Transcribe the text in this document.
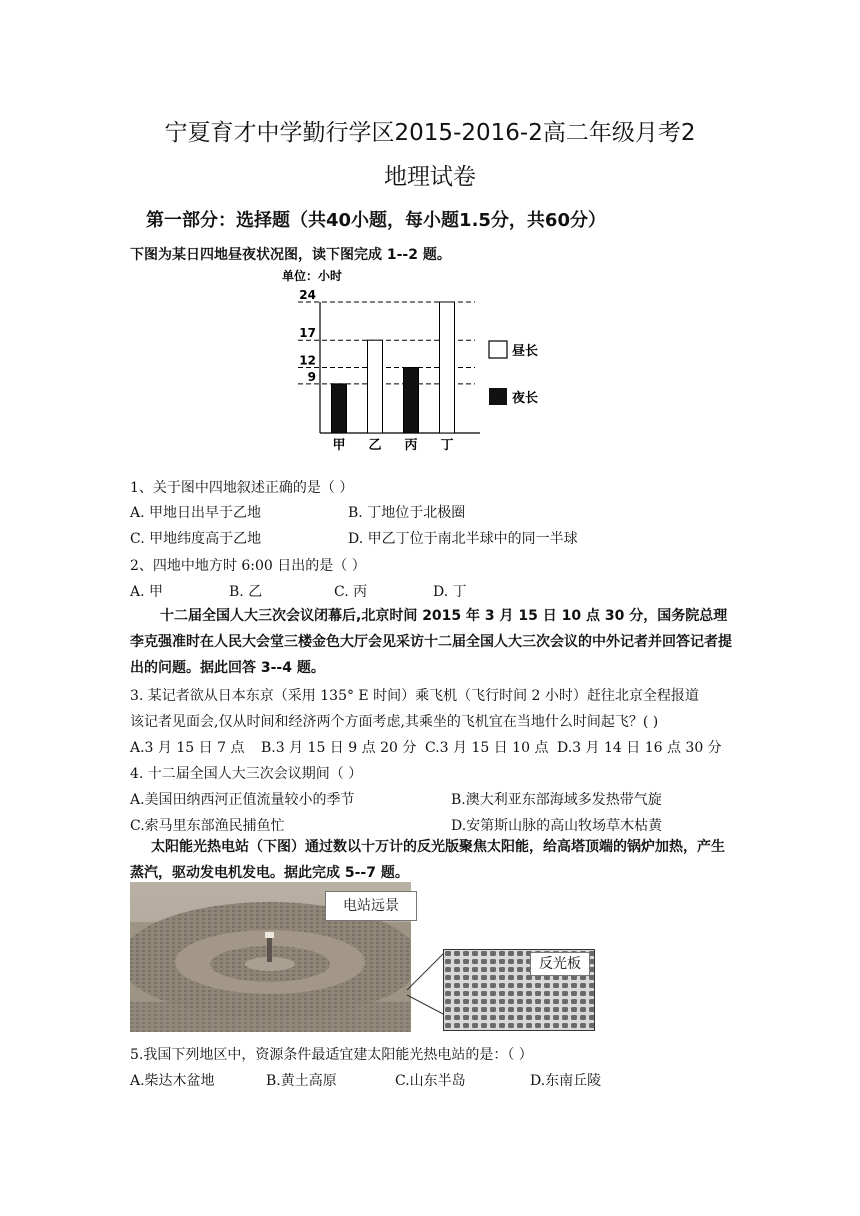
宁夏育才中学勤行学区2015-2016-2高二年级月考2
地理试卷
第一部分：选择题（共40小题，每小题1.5分，共60分）
下图为某日四地昼夜状况图，读下图完成 1--2 题。
单位：小时
9
12
17
24
甲 乙 丙 丁
昼长
夜长
1、关于图中四地叙述正确的是（ ）
A. 甲地日出早于乙地	B. 丁地位于北极圈
C. 甲地纬度高于乙地	D. 甲乙丁位于南北半球中的同一半球
2、四地中地方时 6:00 日出的是（ ）
A. 甲	B. 乙	C. 丙	D. 丁
十二届全国人大三次会议闭幕后,北京时间 2015 年 3 月 15 日 10 点 30 分，国务院总理李克强准时在人民大会堂三楼金色大厅会见采访十二届全国人大三次会议的中外记者并回答记者提出的问题。据此回答 3--4 题。
3. 某记者欲从日本东京（采用 135° E 时间）乘飞机（飞行时间 2 小时）赶往北京全程报道
该记者见面会,仅从时间和经济两个方面考虑,其乘坐的飞机宜在当地什么时间起飞？( )
A.3 月 15 日 7 点 B.3 月 15 日 9 点 20 分 C.3 月 15 日 10 点 D.3 月 14 日 16 点 30 分
4. 十二届全国人大三次会议期间（ ）
A.美国田纳西河正值流量较小的季节	B.澳大利亚东部海域多发热带气旋
C.索马里东部渔民捕鱼忙	D.安第斯山脉的高山牧场草木枯黄
太阳能光热电站（下图）通过数以十万计的反光版聚焦太阳能，给高塔顶端的锅炉加热，产生蒸汽，驱动发电机发电。据此完成 5--7 题。
电站远景
反光板
5.我国下列地区中，资源条件最适宜建太阳能光热电站的是：（ ）
A.柴达木盆地	B.黄土高原	C.山东半岛	D.东南丘陵
